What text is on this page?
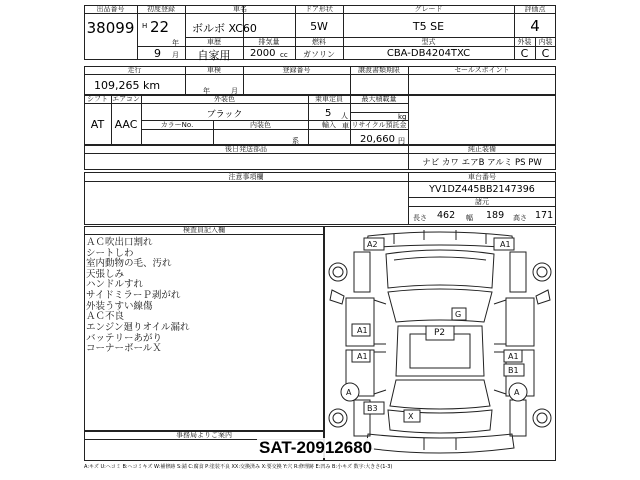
出品番号
38099
初度登録
H 22
年
9 月
車名
ボルボ XC60
ドア形状
5W
グレード
T5 SE
評価点
4
車歴
自家用
排気量
2000 cc
燃料
ガソリン
型式
CBA-DB4204TXC
外装	内装
C	C
走行
109,265 km
車検
年	月
登録番号	譲渡書類期限	セールスポイント
シフト エアコン
AT AAC
外装色
ブラック
乗車定員
5 人
最大積載量
kg
カラーNo.	内装色	輸入 車
系
リサイクル預託金
20,660 円
後日発送部品	純正装備
ナビ カワ エアB アルミ PS PW
注意事項欄	車台番号
YV1DZ445BB2147396
諸元
長さ 462 幅 189 高さ 171
検査員記入欄
ＡＣ吹出口割れ
シートしわ
室内動物の毛、汚れ
天張しみ
ハンドルすれ
サイドミラーＰ剥がれ
外装うすい線傷
ＡＣ不良
エンジン廻りオイル漏れ
バッテリーあがり
コーナーボールＸ
事務局よりご案内
A2	A1
A1
A1
P2
G
A1
B1
A	A
B3
X
SAT-20912680
A:キズ U:ヘコミ B:ヘコミキズ W:補修跡 S:錆 C:腐食 P:塗装不良 XX:交換済み X:要交換 Y:穴 R:修理跡 E:凹み B:小キズ 数字:大きさ(1-3)
